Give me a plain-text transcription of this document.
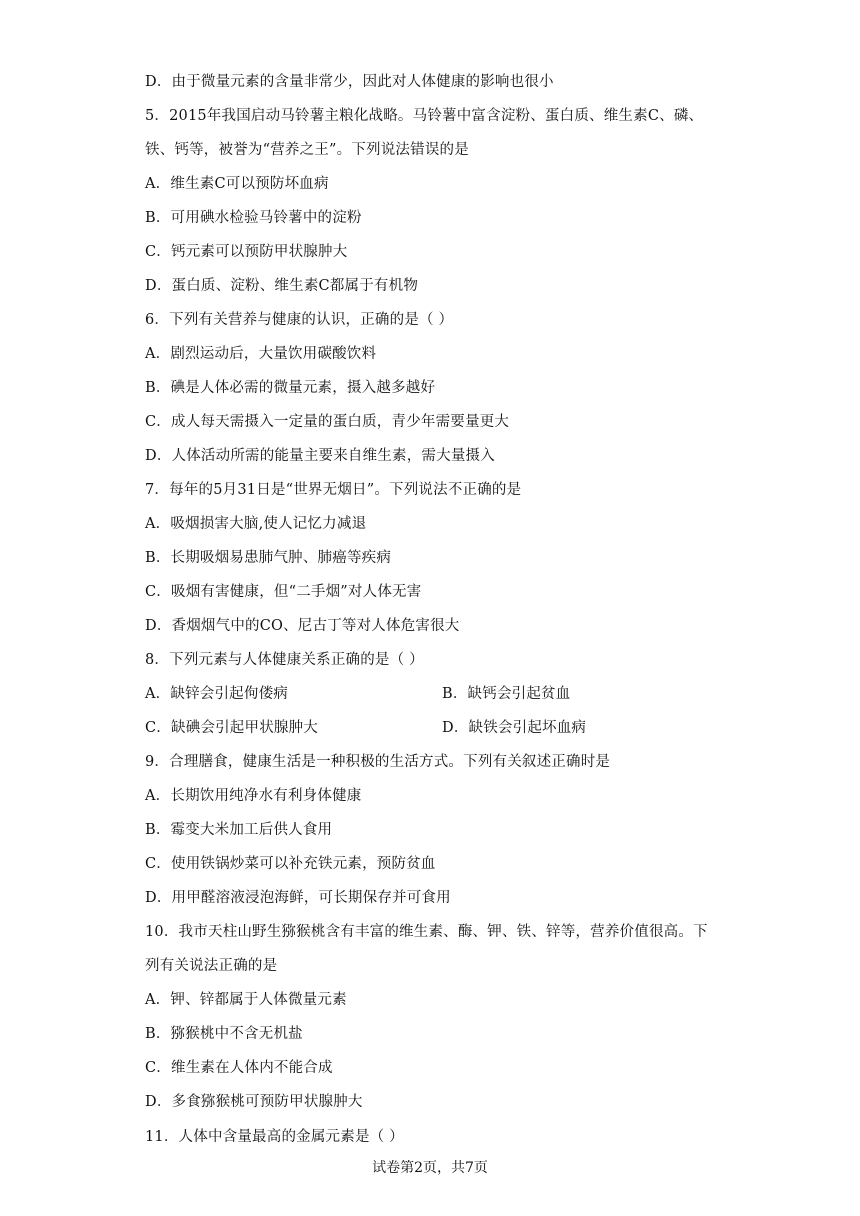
D．由于微量元素的含量非常少，因此对人体健康的影响也很小
5．2015年我国启动马铃薯主粮化战略。马铃薯中富含淀粉、蛋白质、维生素C、磷、
铁、钙等，被誉为“营养之王”。下列说法错误的是
A．维生素C可以预防坏血病
B．可用碘水检验马铃薯中的淀粉
C．钙元素可以预防甲状腺肿大
D．蛋白质、淀粉、维生素C都属于有机物
6．下列有关营养与健康的认识，正确的是（ ）
A．剧烈运动后，大量饮用碳酸饮料
B．碘是人体必需的微量元素，摄入越多越好
C．成人每天需摄入一定量的蛋白质，青少年需要量更大
D．人体活动所需的能量主要来自维生素，需大量摄入
7．每年的5月31日是“世界无烟日”。下列说法不正确的是
A．吸烟损害大脑,使人记忆力减退
B．长期吸烟易患肺气肿、肺癌等疾病
C．吸烟有害健康，但“二手烟”对人体无害
D．香烟烟气中的CO、尼古丁等对人体危害很大
8．下列元素与人体健康关系正确的是（ ）
A．缺锌会引起佝偻病	B．缺钙会引起贫血
C．缺碘会引起甲状腺肿大	D．缺铁会引起坏血病
9．合理膳食，健康生活是一种积极的生活方式。下列有关叙述正确时是
A．长期饮用纯净水有利身体健康
B．霉变大米加工后供人食用
C．使用铁锅炒菜可以补充铁元素，预防贫血
D．用甲醛溶液浸泡海鲜，可长期保存并可食用
10．我市天柱山野生猕猴桃含有丰富的维生素、酶、钾、铁、锌等，营养价值很高。下
列有关说法正确的是
A．钾、锌都属于人体微量元素
B．猕猴桃中不含无机盐
C．维生素在人体内不能合成
D．多食猕猴桃可预防甲状腺肿大
11．人体中含量最高的金属元素是（ ）
试卷第2页，共7页
